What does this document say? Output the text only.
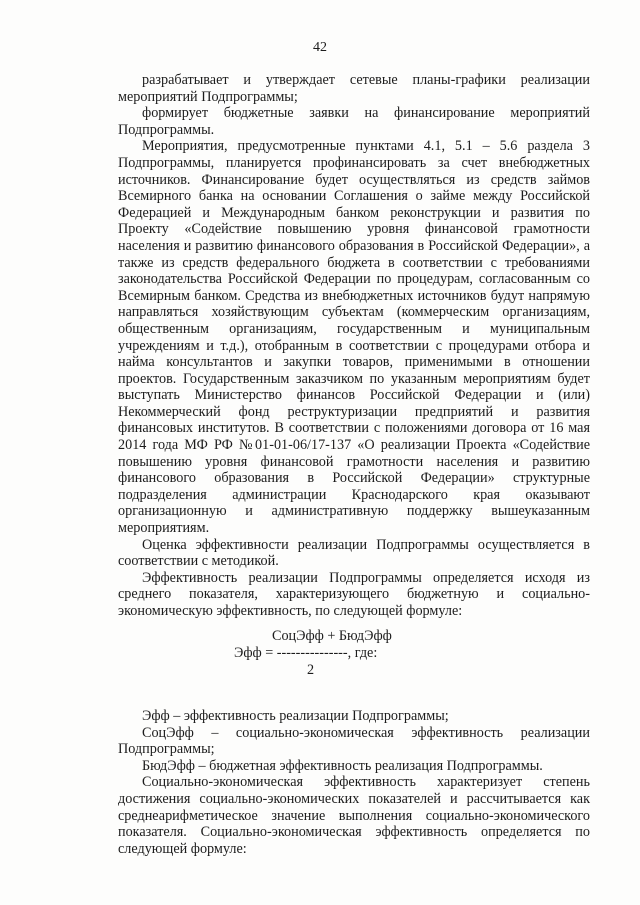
42

разрабатывает и утверждает сетевые планы-графики реализации мероприятий Подпрограммы;

формирует бюджетные заявки на финансирование мероприятий Подпрограммы.

Мероприятия, предусмотренные пунктами 4.1, 5.1 – 5.6 раздела 3 Подпрограммы, планируется профинансировать за счет внебюджетных источников. Финансирование будет осуществляться из средств займов Всемирного банка на основании Соглашения о займе между Российской Федерацией и Международным банком реконструкции и развития по Проекту «Содействие повышению уровня финансовой грамотности населения и развитию финансового образования в Российской Федерации», а также из средств федерального бюджета в соответствии с требованиями законодательства Российской Федерации по процедурам, согласованным со Всемирным банком. Средства из внебюджетных источников будут напрямую направляться хозяйствующим субъектам (коммерческим организациям, общественным организациям, государственным и муниципальным учреждениям и т.д.), отобранным в соответствии с процедурами отбора и найма консультантов и закупки товаров, применимыми в отношении проектов. Государственным заказчиком по указанным мероприятиям будет выступать Министерство финансов Российской Федерации и (или) Некоммерческий фонд реструктуризации предприятий и развития финансовых институтов. В соответствии с положениями договора от 16 мая 2014 года МФ РФ №01-01-06/17-137 «О реализации Проекта «Содействие повышению уровня финансовой грамотности населения и развитию финансового образования в Российской Федерации» структурные подразделения администрации Краснодарского края оказывают организационную и административную поддержку вышеуказанным мероприятиям.

Оценка эффективности реализации Подпрограммы осуществляется в соответствии с методикой.

Эффективность реализации Подпрограммы определяется исходя из среднего показателя, характеризующего бюджетную и социально-экономическую эффективность, по следующей формуле:

СоцЭфф + БюдЭфф
Эфф = ---------------, где:
2

Эфф – эффективность реализации Подпрограммы;

СоцЭфф – социально-экономическая эффективность реализации Подпрограммы;

БюдЭфф – бюджетная эффективность реализация Подпрограммы.

Социально-экономическая эффективность характеризует степень достижения социально-экономических показателей и рассчитывается как среднеарифметическое значение выполнения социально-экономического показателя. Социально-экономическая эффективность определяется по следующей формуле:
